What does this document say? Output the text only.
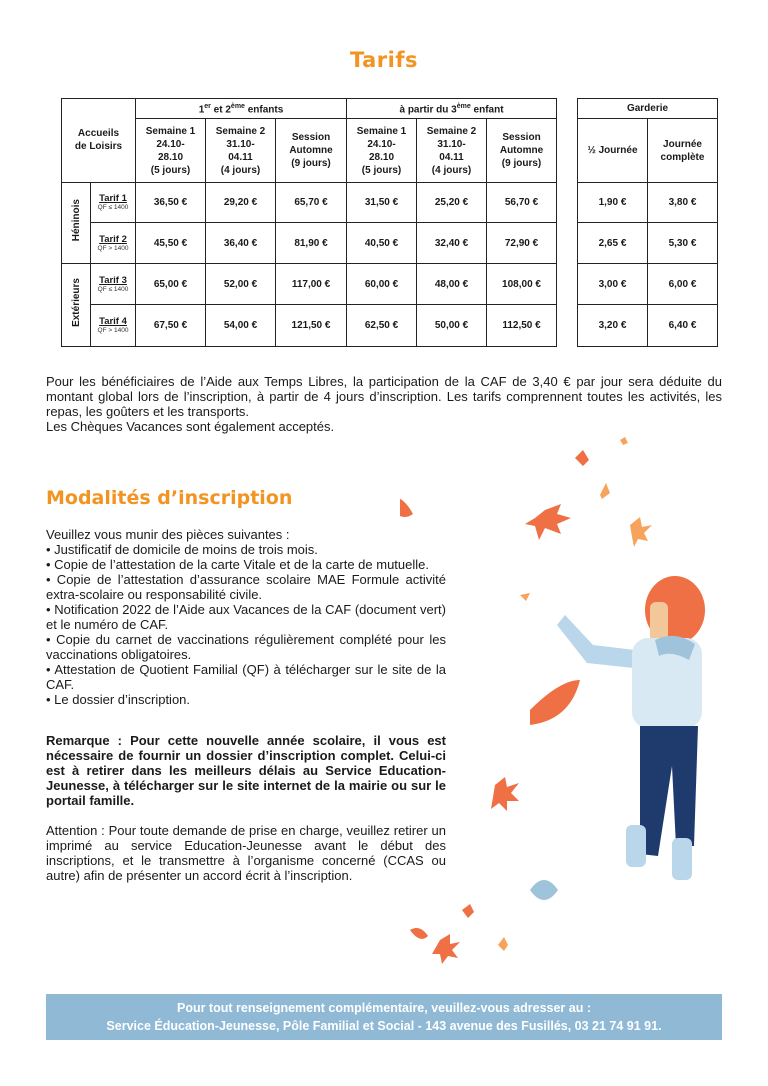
Tarifs
Accueils de Loisirs		1er et 2ème enfants			à partir du 3ème enfant		
		Semaine 1
24.10-
28.10
(5 jours)	Semaine 2
31.10-
04.11
(4 jours)	Session
Automne
(9 jours)	Semaine 1
24.10-
28.10
(5 jours)	Semaine 2
31.10-
04.11
(4 jours)	Session
Automne
(9 jours)
Héninois	Tarif 1
QF ≤ 1400	36,50 €	29,20 €	65,70 €	31,50 €	25,20 €	56,70 €

	Tarif 2
QF > 1400	45,50 €	36,40 €	81,90 €	40,50 €	32,40 €	72,90 €
Extérieurs	Tarif 3
QF ≤ 1400	65,00 €	52,00 €	117,00 €	60,00 €	48,00 €	108,00 €

	Tarif 4
QF > 1400	67,50 €	54,00 €	121,50 €	62,50 €	50,00 €	112,50 €
Garderie	
½ Journée	Journée complète
1,90 €	3,80 €
2,65 €	5,30 €
3,00 €	6,00 €
3,20 €	6,40 €
Pour les bénéficiaires de l’Aide aux Temps Libres, la participation de la CAF de 3,40 € par jour sera déduite du montant global lors de l’inscription, à partir de 4 jours d’inscription. Les tarifs comprennent toutes les activités, les repas, les goûters et les transports.
Les Chèques Vacances sont également acceptés.
Modalités d’inscription
Veuillez vous munir des pièces suivantes :
• Justificatif de domicile de moins de trois mois.
• Copie de l’attestation de la carte Vitale et de la carte de mutuelle.
• Copie de l’attestation d’assurance scolaire MAE Formule activité extra-scolaire ou responsabilité civile.
• Notification 2022 de l’Aide aux Vacances de la CAF (document vert) et le numéro de CAF.
• Copie du carnet de vaccinations régulièrement complété pour les vaccinations obligatoires.
• Attestation de Quotient Familial (QF) à télécharger sur le site de la CAF.
• Le dossier d’inscription.
Remarque : Pour cette nouvelle année scolaire, il vous est nécessaire de fournir un dossier d’inscription complet. Celui-ci est à retirer dans les meilleurs délais au Service Education-Jeunesse, à télécharger sur le site internet de la mairie ou sur le portail famille.
Attention : Pour toute demande de prise en charge, veuillez retirer un imprimé au service Education-Jeunesse avant le début des inscriptions, et le transmettre à l’organisme concerné (CCAS ou autre) afin de présenter un accord écrit à l’inscription.
Pour tout renseignement complémentaire, veuillez-vous adresser au :
Service Éducation-Jeunesse, Pôle Familial et Social - 143 avenue des Fusillés, 03 21 74 91 91.
